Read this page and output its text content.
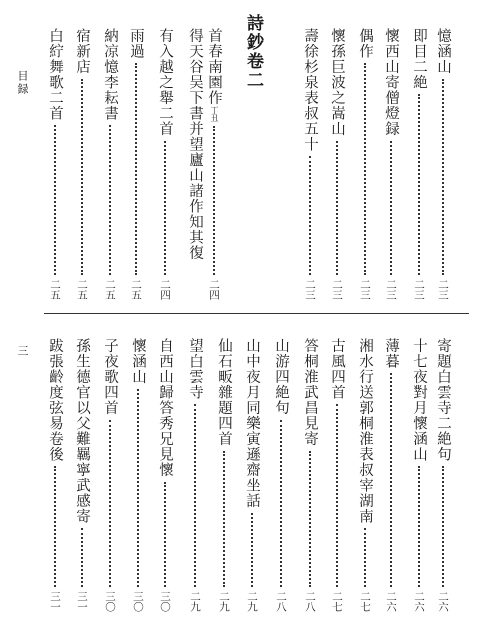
目録
三
詩鈔卷二	憶涵山
二三
即目二絶
二三
懷西山寄僧燈録
二三
偶作
二三
懷孫巨波之嵩山
二三
壽徐杉泉表叔五十
二三
首春南園作
丁丑
二四
得天谷吴下書并望廬山諸作知其復
有入越之舉二首
二四
雨過
二五
納凉憶李耘書
二五
宿新店
二五
白紵舞歌二首
二五
寄題白雲寺二絶句
二六
十七夜對月懷涵山
二六
薄暮
二六
湘水行送郭桐淮表叔宰湖南
二七
古風四首
二七
答桐淮武昌見寄
二八
山游四絶句
二八
山中夜月同樂寅遜齋坐話
二九
仙石畈雜題四首
二九
望白雲寺
二九
自西山歸答秀兄見懷
三〇
懷涵山
三〇
子夜歌四首
三〇
孫生德官以父難羈寧武感寄
三一
跋張齡度弦易卷後
三一
